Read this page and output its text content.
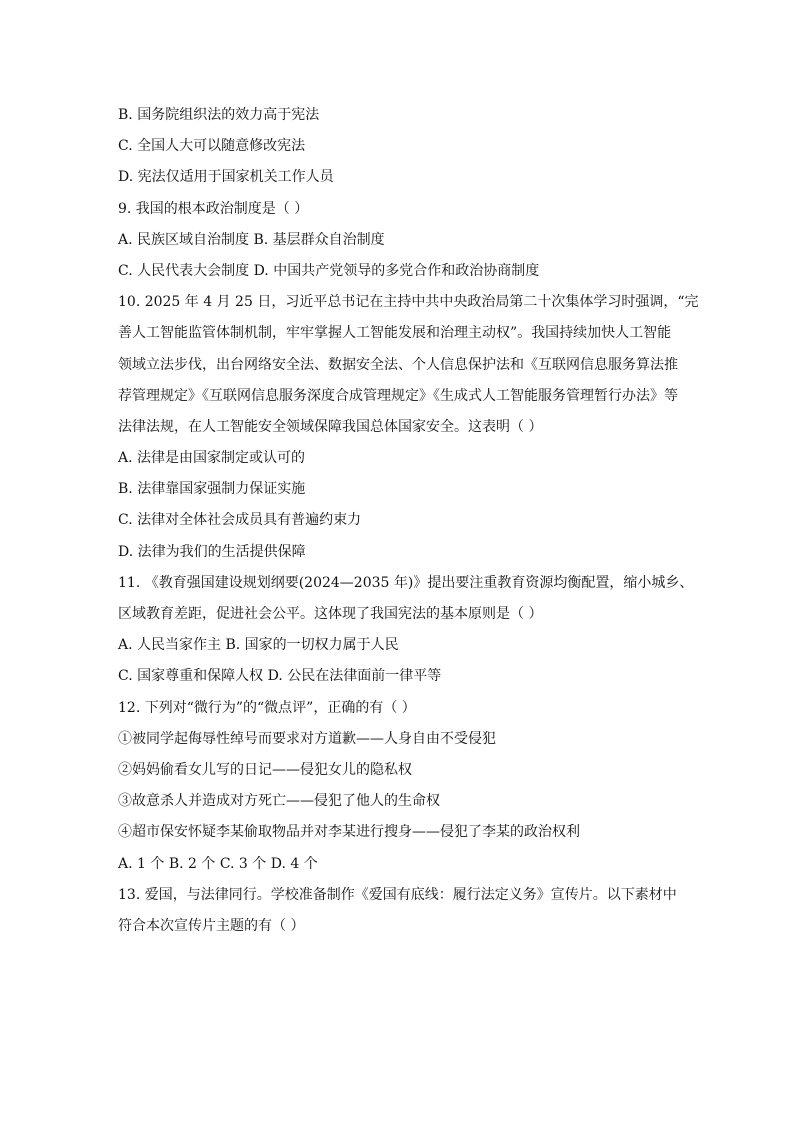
B. 国务院组织法的效力高于宪法
C. 全国人大可以随意修改宪法
D. 宪法仅适用于国家机关工作人员
9. 我国的根本政治制度是（ ）
A. 民族区域自治制度 B. 基层群众自治制度
C. 人民代表大会制度 D. 中国共产党领导的多党合作和政治协商制度
10. 2025 年 4 月 25 日，习近平总书记在主持中共中央政治局第二十次集体学习时强调，“完
善人工智能监管体制机制，牢牢掌握人工智能发展和治理主动权”。我国持续加快人工智能
领域立法步伐，出台网络安全法、数据安全法、个人信息保护法和《互联网信息服务算法推
荐管理规定》《互联网信息服务深度合成管理规定》《生成式人工智能服务管理暂行办法》等
法律法规，在人工智能安全领域保障我国总体国家安全。这表明（ ）
A. 法律是由国家制定或认可的
B. 法律靠国家强制力保证实施
C. 法律对全体社会成员具有普遍约束力
D. 法律为我们的生活提供保障
11. 《教育强国建设规划纲要(2024—2035 年)》提出要注重教育资源均衡配置，缩小城乡、
区域教育差距，促进社会公平。这体现了我国宪法的基本原则是（ ）
A. 人民当家作主 B. 国家的一切权力属于人民
C. 国家尊重和保障人权 D. 公民在法律面前一律平等
12. 下列对“微行为”的“微点评”，正确的有（ ）
①被同学起侮辱性绰号而要求对方道歉——人身自由不受侵犯
②妈妈偷看女儿写的日记——侵犯女儿的隐私权
③故意杀人并造成对方死亡——侵犯了他人的生命权
④超市保安怀疑李某偷取物品并对李某进行搜身——侵犯了李某的政治权利
A. 1 个 B. 2 个 C. 3 个 D. 4 个
13. 爱国，与法律同行。学校准备制作《爱国有底线：履行法定义务》宣传片。以下素材中
符合本次宣传片主题的有（ ）
